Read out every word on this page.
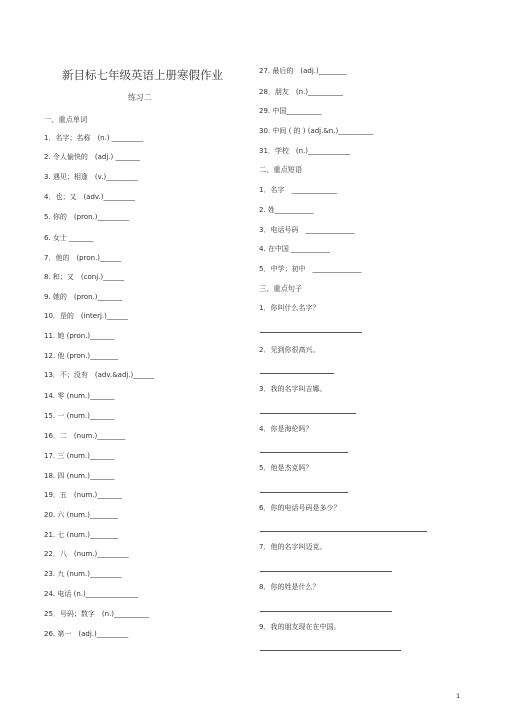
新目标七年级英语上册寒假作业
练习二
一、重点单词
1．名字；名称　(n.) _________
2. 令人愉快的　(adj.) _______
3. 遇见；相逢　(v.)_________
4．也；又　(adv.)_________
5. 你的　(pron.)_________
6. 女士 _______
7．他的　(pron.)______
8. 和；又　(conj.)______
9. 她的　(pron.)_______
10．是的　(interj.)______
11. 她 (pron.)_______
12. 他 (pron.)________
13．不；没有　(adv.&adj.)______
14. 零 (num.)_______
15. 一 (num.)_______
16．二　(num.)________
17. 三 (num.)_______
18. 四 (num.)_______
19．五　(num.)_______
20. 六 (num.)________
21. 七 (num.)________
22．八　(num.)_________
23. 九 (num.)_________
24. 电话 (n.)_______________
25．号码；数字　(n.)__________
26. 第一　(adj.)_________
27. 最后的　(adj.)________
28．朋友　(n.)__________
29. 中国__________
30. 中间 ( 的 ) (adj.&n.)__________
31．学校　(n.)____________
二、重点短语
1．名字　_____________
2. 姓___________
3．电话号码　______________
4. 在中国 ___________
5．中学；初中　______________
三、重点句子
1．你叫什么名字？
2．见到你很高兴。
3．我的名字叫吉娜。
4．你是海伦吗？
5．他是杰克吗？
6．你的电话号码是多少？
7．他的名字叫迈克。
8．你的姓是什么？
9．我的朋友现在在中国。
1
